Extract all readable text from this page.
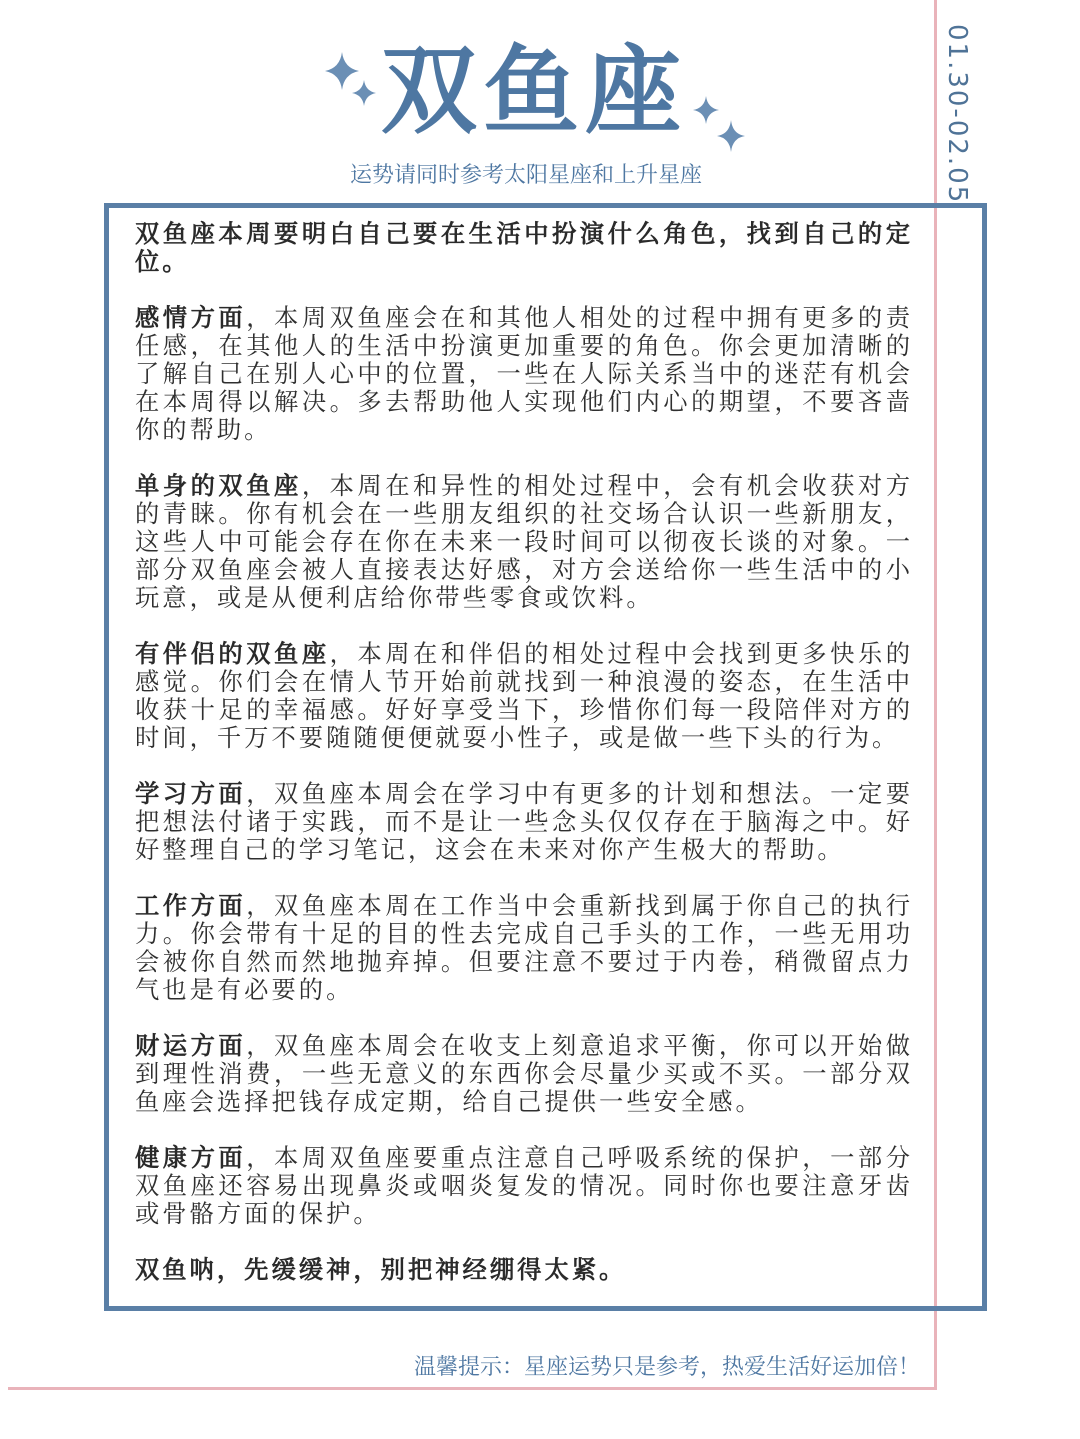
01.30-02.05
双鱼座
运势请同时参考太阳星座和上升星座

双鱼座本周要明白自己要在生活中扮演什么角色，找到自己的定位。

感情方面，本周双鱼座会在和其他人相处的过程中拥有更多的责任感，在其他人的生活中扮演更加重要的角色。你会更加清晰的了解自己在别人心中的位置，一些在人际关系当中的迷茫有机会在本周得以解决。多去帮助他人实现他们内心的期望，不要吝啬你的帮助。

单身的双鱼座，本周在和异性的相处过程中，会有机会收获对方的青睐。你有机会在一些朋友组织的社交场合认识一些新朋友，这些人中可能会存在你在未来一段时间可以彻夜长谈的对象。一部分双鱼座会被人直接表达好感，对方会送给你一些生活中的小玩意，或是从便利店给你带些零食或饮料。

有伴侣的双鱼座，本周在和伴侣的相处过程中会找到更多快乐的感觉。你们会在情人节开始前就找到一种浪漫的姿态，在生活中收获十足的幸福感。好好享受当下，珍惜你们每一段陪伴对方的时间，千万不要随随便便就耍小性子，或是做一些下头的行为。

学习方面，双鱼座本周会在学习中有更多的计划和想法。一定要把想法付诸于实践，而不是让一些念头仅仅存在于脑海之中。好好整理自己的学习笔记，这会在未来对你产生极大的帮助。

工作方面，双鱼座本周在工作当中会重新找到属于你自己的执行力。你会带有十足的目的性去完成自己手头的工作，一些无用功会被你自然而然地抛弃掉。但要注意不要过于内卷，稍微留点力气也是有必要的。

财运方面，双鱼座本周会在收支上刻意追求平衡，你可以开始做到理性消费，一些无意义的东西你会尽量少买或不买。一部分双鱼座会选择把钱存成定期，给自己提供一些安全感。

健康方面，本周双鱼座要重点注意自己呼吸系统的保护，一部分双鱼座还容易出现鼻炎或咽炎复发的情况。同时你也要注意牙齿或骨骼方面的保护。

双鱼呐，先缓缓神，别把神经绷得太紧。

温馨提示：星座运势只是参考，热爱生活好运加倍！
